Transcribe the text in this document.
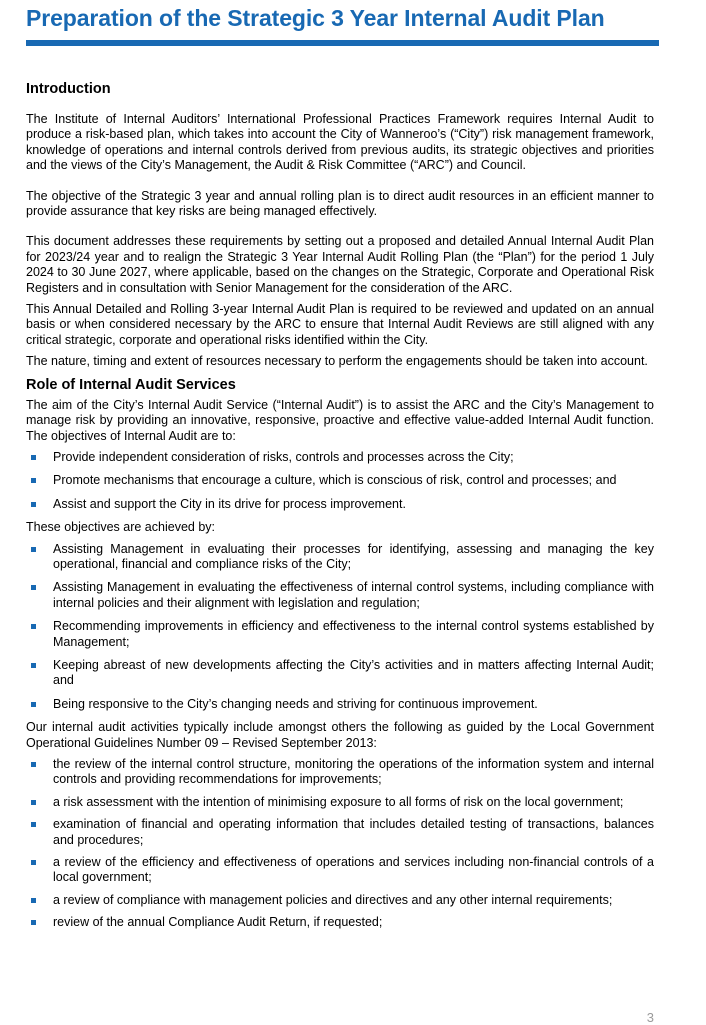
Preparation of the Strategic 3 Year Internal Audit Plan
Introduction

The Institute of Internal Auditors’ International Professional Practices Framework requires Internal Audit to produce a risk-based plan, which takes into account the City of Wanneroo’s (“City”) risk management framework, knowledge of operations and internal controls derived from previous audits, its strategic objectives and priorities and the views of the City’s Management, the Audit & Risk Committee (“ARC”) and Council.

The objective of the Strategic 3 year and annual rolling plan is to direct audit resources in an efficient manner to provide assurance that key risks are being managed effectively.

This document addresses these requirements by setting out a proposed and detailed Annual Internal Audit Plan for 2023/24 year and to realign the Strategic 3 Year Internal Audit Rolling Plan (the “Plan”) for the period 1 July 2024 to 30 June 2027, where applicable, based on the changes on the Strategic, Corporate and Operational Risk Registers and in consultation with Senior Management for the consideration of the ARC.

This Annual Detailed and Rolling 3-year Internal Audit Plan is required to be reviewed and updated on an annual basis or when considered necessary by the ARC to ensure that Internal Audit Reviews are still aligned with any critical strategic, corporate and operational risks identified within the City.

The nature, timing and extent of resources necessary to perform the engagements should be taken into account.

Role of Internal Audit Services

The aim of the City’s Internal Audit Service (“Internal Audit”) is to assist the ARC and the City’s Management to manage risk by providing an innovative, responsive, proactive and effective value-added Internal Audit function. The objectives of Internal Audit are to:

Provide independent consideration of risks, controls and processes across the City;
Promote mechanisms that encourage a culture, which is conscious of risk, control and processes; and
Assist and support the City in its drive for process improvement.

These objectives are achieved by:

Assisting Management in evaluating their processes for identifying, assessing and managing the key operational, financial and compliance risks of the City;
Assisting Management in evaluating the effectiveness of internal control systems, including compliance with internal policies and their alignment with legislation and regulation;
Recommending improvements in efficiency and effectiveness to the internal control systems established by Management;
Keeping abreast of new developments affecting the City’s activities and in matters affecting Internal Audit; and
Being responsive to the City’s changing needs and striving for continuous improvement.

Our internal audit activities typically include amongst others the following as guided by the Local Government Operational Guidelines Number 09 – Revised September 2013:

the review of the internal control structure, monitoring the operations of the information system and internal controls and providing recommendations for improvements;
a risk assessment with the intention of minimising exposure to all forms of risk on the local government;
examination of financial and operating information that includes detailed testing of transactions, balances and procedures;
a review of the efficiency and effectiveness of operations and services including non-financial controls of a local government;
a review of compliance with management policies and directives and any other internal requirements;
review of the annual Compliance Audit Return, if requested;
3
